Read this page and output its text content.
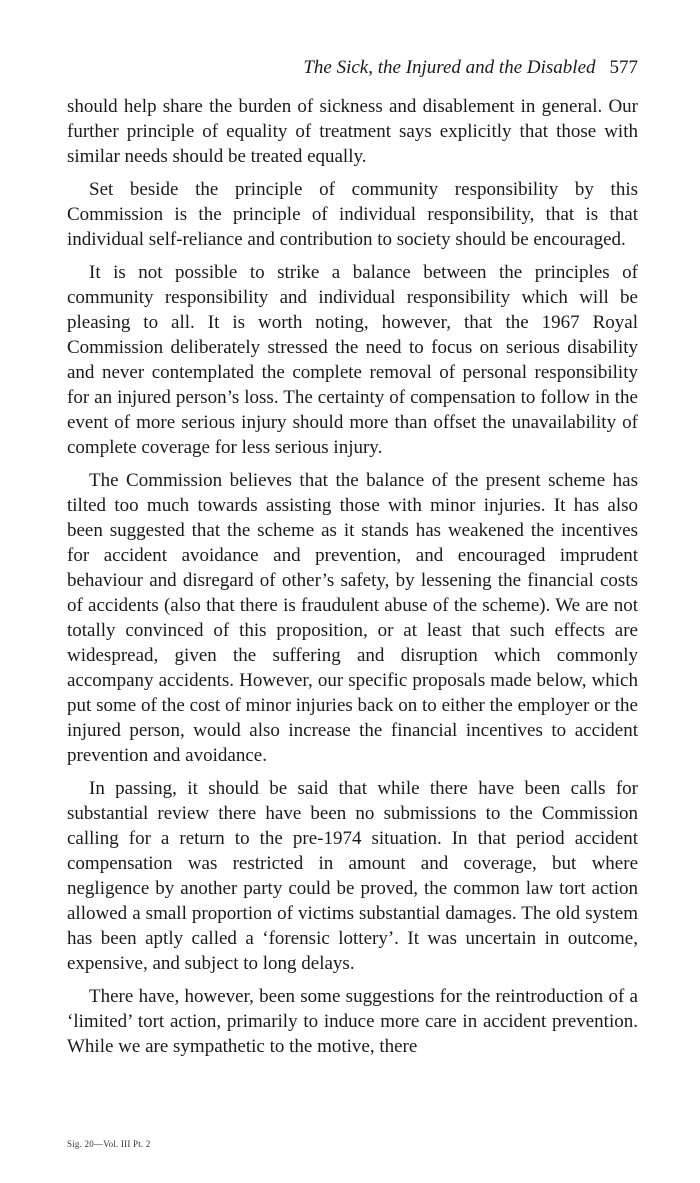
The Sick, the Injured and the Disabled 577

should help share the burden of sickness and disablement in general. Our further principle of equality of treatment says explicitly that those with similar needs should be treated equally.

Set beside the principle of community responsibility by this Commission is the principle of individual responsibility, that is that individual self-reliance and contribution to society should be encouraged.

It is not possible to strike a balance between the principles of community responsibility and individual responsibility which will be pleasing to all. It is worth noting, however, that the 1967 Royal Commission deliberately stressed the need to focus on serious disability and never contemplated the complete removal of personal responsibility for an injured person’s loss. The certainty of compensation to follow in the event of more serious injury should more than offset the unavailability of complete coverage for less serious injury.

The Commission believes that the balance of the present scheme has tilted too much towards assisting those with minor injuries. It has also been suggested that the scheme as it stands has weakened the incentives for accident avoidance and prevention, and encouraged imprudent behaviour and disregard of other’s safety, by lessening the financial costs of accidents (also that there is fraudulent abuse of the scheme). We are not totally convinced of this proposition, or at least that such effects are widespread, given the suffering and disruption which commonly accompany accidents. However, our specific proposals made below, which put some of the cost of minor injuries back on to either the employer or the injured person, would also increase the financial incentives to accident prevention and avoidance.

In passing, it should be said that while there have been calls for substantial review there have been no submissions to the Commission calling for a return to the pre-1974 situation. In that period accident compensation was restricted in amount and coverage, but where negligence by another party could be proved, the common law tort action allowed a small proportion of victims substantial damages. The old system has been aptly called a ‘forensic lottery’. It was uncertain in outcome, expensive, and subject to long delays.

There have, however, been some suggestions for the reintroduction of a ‘limited’ tort action, primarily to induce more care in accident prevention. While we are sympathetic to the motive, there

Sig. 20—Vol. III Pt. 2
